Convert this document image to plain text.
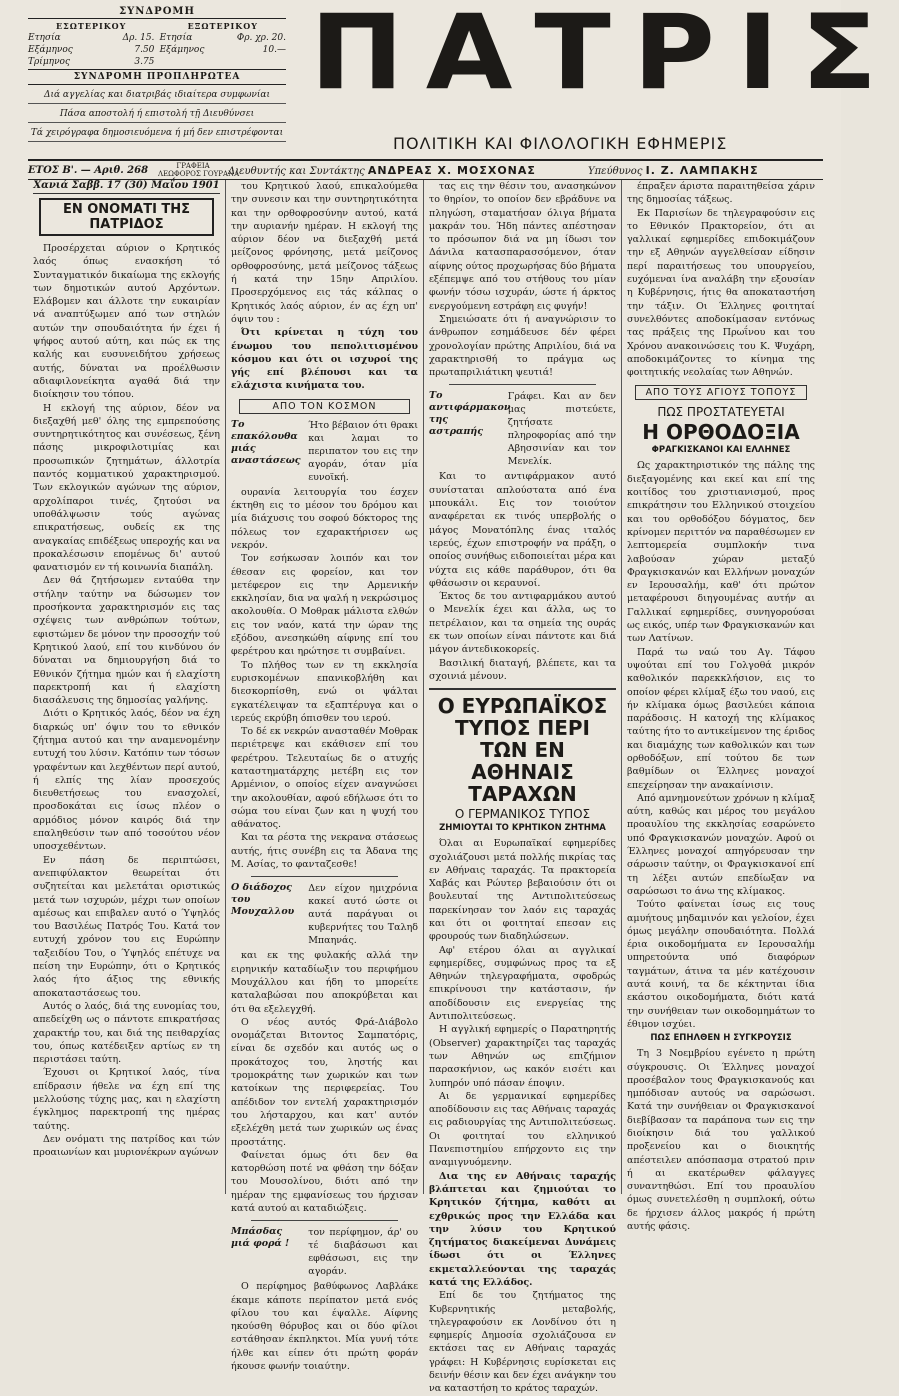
ΣΥΝΔΡΟΜΗ
ΕΣΩΤΕΡΙΚΟΥ
Ετησία	Δρ. 15.
Εξάμηνος	7.50
Τρίμηνος	3.75
ΕΞΩΤΕΡΙΚΟΥ
Ετησία	Φρ. χρ. 20.
Εξάμηνος	10.—
ΣΥΝΔΡΟΜΗ ΠΡΟΠΛΗΡΩΤΕΑ
Διά αγγελίας και διατριβάς ιδιαίτερα συμφωνίαι
Πάσα αποστολή ή επιστολή τῇ Διευθύνσει
Τά χειρόγραφα δημοσιευόμενα ή μή δεν επιστρέφονται
ΠΑΤΡΙΣ
ΠΟΛΙΤΙΚΗ ΚΑΙ ΦΙΛΟΛΟΓΙΚΗ ΕΦΗΜΕΡΙΣ
ΕΤΟΣ Β'. — Αριθ. 268	ΓΡΑΦΕΙΑ
ΛΕΩΦΟΡΟΣ ΓΟΥΡΑΝΑ
Διευθυντής και Συντάκτης ΑΝΔΡΕΑΣ Χ. ΜΟΣΧΟΝΑΣ	Υπεύθυνος Ι. Ζ. ΛΑΜΠΑΚΗΣ
Χανιά Σαββ. 17 (30) Μαΐου 1901
ΕΝ ΟΝΟΜΑΤΙ ΤΗΣ ΠΑΤΡΙΔΟΣ

Προσέρχεται αύριον ο Κρητικός λαός όπως ενασκήση τό Συνταγματικόν δικαίωμα της εκλογής των δημοτικών αυτού Αρχόντων. Ελάβομεν και άλλοτε την ευκαιρίαν νά αναπτύξωμεν από των στηλών αυτών την σπουδαιότητα ήν έχει ή ψήφος αυτού αύτη, και πώς εκ της καλής και ευσυνειδήτου χρήσεως αυτής, δύναται να προέλθωσιν αδιαφιλονείκητα αγαθά διά την διοίκησιν του τόπου.

Η εκλογή της αύριον, δέον να διεξαχθή μεθ' όλης της εμπρεπούσης συντηρητικότητος και συνέσεως, ξένη πάσης μικροφιλοτιμίας και προσωπικών ζητημάτων, άλλοτρία παντός κομματικού χαρακτηρισμού. Των εκλογικών αγώνων της αύριον, αρχολίπαροι τινές, ζητούσι να υποθάλψωσιν τούς αγώνας επικρατήσεως, ουδείς εκ της αναγκαίας επιδέξεως υπεροχής και να προκαλέσωσιν επομένως δι' αυτού φανατισμόν εν τή κοινωνία διαπάλη.

Δεν θά ζητήσωμεν ενταύθα την στήλην ταύτην να δώσωμεν τον προσήκοντα χαρακτηρισμόν εις τας σχέψεις των ανθρώπων τούτων, εφιστώμεν δε μόνον την προσοχήν τού Κρητικού λαού, επί του κινδύνου όν δύναται να δημιουργήση διά το Εθνικόν ζήτημα ημών και ή ελαχίστη παρεκτροπή και ή ελαχίστη διασάλευσις της δημοσίας γαλήνης.

Διότι ο Κρητικός λαός, δέον να έχη διαρκώς υπ' όψιν του το εθνικόν ζήτημα αυτού και την αναμενομένην ευτυχή του λύσιν. Κατόπιν των τόσων γραφέντων και λεχθέντων περί αυτού, ή ελπίς της λίαν προσεχούς διευθετήσεως του ενασχολεί, προσδοκάται εις ίσως πλέον ο αρμόδιος μόνον καιρός διά την επαληθεύσιν των από τοσούτου νέον υποσχεθέντων.

Εν πάση δε περιπτώσει, ανεπιφύλακτον θεωρείται ότι συζητείται και μελετάται οριστικώς μετά των ισχυρών, μέχρι των οποίων αμέσως και επιβαλεν αυτό ο Ύψηλός του Βασιλέως Πατρός Του. Κατά τον ευτυχή χρόνον του εις Ευρώπην ταξειδίου Του, ο Ύψηλός επέτυχε να πείση την Ευρώπην, ότι ο Κρητικός λαός ήτο άξιος της εθνικής αποκαταστάσεως του.

Αυτός ο λαός, διά της ευνομίας του, απεδείχθη ως ο πάντοτε επικρατήσας χαρακτήρ του, και διά της πειθαρχίας του, όπως κατέδειξεν αρτίως εν τη περιστάσει ταύτη.

Έχουσι οι Κρητικοί λαός, τίνα επίδρασιν ήθελε να έχη επί της μελλούσης τύχης μας, και η ελαχίστη έγκλημος παρεκτροπή της ημέρας ταύτης.

Δεν ονόματι της πατρίδος και τών προαιωνίων και μυριονέκρων αγώνων

του Κρητικού λαού, επικαλούμεθα την συνεσιν και την συντηρητικότητα και την ορθοφροσύνην αυτού, κατά την αυριανήν ημέραν. Η εκλογή της αύριον δέον να διεξαχθή μετά μείζονος φρόνησης, μετά μείζονος ορθοφροσύνης, μετά μείζονος τάξεως ή κατά την 15ην Απριλίου. Προσερχόμενος εις τάς κάλπας ο Κρητικός λαός αύριον, έν ας έχη υπ' όψιν του :

Ότι κρίνεται η τύχη του ένωμου του πεπολιτισμένου κόσμου και ότι οι ισχυροί της γής επί βλέπουσι και τα ελάχιστα κινήματα του.

ΑΠΟ ΤΟΝ ΚΟΣΜΟΝ
Το επακόλουθα μιάς αναστάσεως
Ήτο βέβαιον ότι θρακι και λαμαι το περιπατον του εις την αγοράν, όταν μία ευνοϊκή.

ουρανία λειτουργία του έσχεν έκτηθη εις το μέσον του δρόμου και μία διάχυσις του σοφού δόκτορος της πόλεως τον εχαρακτήρισεν ως νεκρόν.

Τον εσήκωσαν λοιπόν και τον έθεσαν εις φορείον, και τον μετέφερον εις την Αρμενικήν εκκλησίαν, δια να ψαλή η νεκρώσιμος ακολουθία. Ο Μοθρακ μάλιστα ελθών εις τον ναόν, κατά την ώραν της εξόδου, ανεσηκώθη αίφνης επί του φερέτρου και ηρώτησε τι συμβαίνει.

Το πλήθος των εν τη εκκλησία ευρισκομένων επανικοβλήθη και διεσκορπίσθη, ενώ οι ψάλται εγκατέλειψαν τα εξαπτέρυγα και ο ιερεύς εκρύβη όπισθεν του ιερού.

Το δέ εκ νεκρών ανασταθέν Μοθρακ περιέτρεψε και εκάθισεν επί του φερέτρου. Τελευταίως δε ο ατυχής καταστηματάρχης μετέβη εις τον Αρμένιον, ο οποίος είχεν αναγνώσει την ακολουθίαν, αφού εδήλωσε ότι το σώμα του είναι ζων και η ψυχή του αθάνατος.

Και τα ρέστα της νεκρανα στάσεως αυτής, ήτις συνέβη εις τα Άδανα της Μ. Ασίας, το φανταζεσθε!

Ο διάδοχος του Μουχαλλου
Δεν είχον ημιχρόνια κακεί αυτό ώστε οι αυτά παράγυαι οι κυβερνήτες του Ταληδ Μπαηνάς.

και εκ της φυλακής αλλά την ειρηνικήν καταδίωξιν του περιφήμου Μουχάλλου και ήδη το μπορείτε καταλαβώσαι που αποκρύβεται και ότι θα εξελεγχθή.

Ο νέος αυτός Φρά-Διάβολο ονομάζεται Βιτοντος Σαμπατόρις, είναι δε σχεδόν και αυτός ως ο προκάτοχος του, ληστής και τρομοκράτης των χωρικών και των κατοίκων της περιφερείας. Του απέδιδον τον εντελή χαρακτηρισμόν του λήσταρχου, και κατ' αυτόν εξελέχθη μετά των χωρικών ως ένας προστάτης.

Φαίνεται όμως ότι δεν θα κατορθώση ποτέ να φθάση την δόξαν του Μουσολίνου, διότι από την ημέραν της εμφανίσεως του ήρχισαν κατά αυτού αι καταδιώξεις.

Μπάσδας μιά φορά !
τον περίφημον, άρ' ου τέ διαβάσωσι και εφθάσωσι, εις την αγοράν.

Ο περίφημος βαθύφωνος Λαβλάκε έκαμε κάποτε περίπατον μετά ενός φίλου του και έψαλλε. Αίφνης ηκούσθη θόρυβος και οι δύο φίλοι εστάθησαν έκπληκτοι. Μία γυνή τότε ήλθε και είπεν ότι πρώτη φοράν ήκουσε φωνήν τοιαύτην.

τας εις την θέσιν του, ανασηκώνον το θηρίον, το οποίον δεν εβράδυνε να πληγώση, σταματήσαν όλιγα βήματα μακράν του. Ήδη πάντες απέστησαν το πρόσωπον διά να μη ίδωσι τον Δάνιλα κατασπαρασσόμενον, όταν αίφνης ούτος προχωρήσας δύο βήματα εξέπεμψε από του στήθους του μίαν φωνήν τόσω ισχυράν, ώστε ή άρκτος ενεργούμενη εστράφη εις φυγήν!

Σημειώσατε ότι ή αναγνώρισιν το άνθρωπον εσημάδευσε δέν φέρει χρονολογίαν πρώτης Απριλίου, διά να χαρακτηρισθή το πράγμα ως πρωταπριλιάτικη ψευτιά!

Το αντιφάρμακον της αστραπής
Γράφει. Και αν δεν μας πιστεύετε, ζητήσατε πληροφορίας από την Αβησσινίαν και τον Μενελίκ.

Και το αντιφάρμακον αυτό συνίσταται απλούστατα από ένα μπουκάλι. Εις τον τοιούτον αναφέρεται εκ τινός υπερβολής ο μάγος Μονατόπλης ένας ιταλός ιερεύς, έχων επιστροφήν να πράξη, ο οποίος συνήθως ειδοποιείται μέρα και νύχτα εις κάθε παράθυρον, ότι θα φθάσωσιν οι κεραυνοί.

Έκτος δε του αντιφαρμάκου αυτού ο Μενελίκ έχει και άλλα, ως το πετρέλαιον, και τα σημεία της ουράς εκ των οποίων είναι πάντοτε και διά μάγον άντεδικοκορείς.

Βασιλική διαταγή, βλέπετε, και τα σχοινιά μένουν.

Ο ΕΥΡΩΠΑΪΚΟΣ ΤΥΠΟΣ ΠΕΡΙ ΤΩΝ ΕΝ ΑΘΗΝΑΙΣ ΤΑΡΑΧΩΝ
Ο ΓΕΡΜΑΝΙΚΟΣ ΤΥΠΟΣ
ΖΗΜΙΟΥΤΑΙ ΤΟ ΚΡΗΤΙΚΟΝ ΖΗΤΗΜΑ

Όλαι αι Ευρωπαϊκαί εφημερίδες σχολιάζουσι μετά πολλής πικρίας τας εν Αθήναις ταραχάς. Τα πρακτορεία Χαβάς και Ρώυτερ βεβαιούσιν ότι οι βουλευταί της Αντιπολιτεύσεως παρεκίνησαν τον λαόν εις ταραχάς και ότι οι φοιτηταί επεσαν εις φρουρούς των διαδηλώσεων.

Αφ' ετέρου όλαι αι αγγλικαί εφημερίδες, συμφώνως προς τα εξ Αθηνών τηλεγραφήματα, σφοδρώς επικρίνουσι την κατάστασιν, ήν αποδίδουσιν εις ενεργείας της Αντιπολιτεύσεως.

Η αγγλική εφημερίς ο Παρατηρητής (Observer) χαρακτηρίζει τας ταραχάς των Αθηνών ως επιζήμιον παρασκήνιον, ως κακόν εισέτι και λυπηρόν υπό πάσαν έποψιν.

Αι δε γερμανικαί εφημερίδες αποδίδουσιν εις τας Αθήναις ταραχάς εις ραδιουργίας της Αντιπολιτεύσεως. Οι φοιτηταί του ελληνικού Πανεπιστημίου επήρχοντο εις την αναμιγνυόμενην.

Δια της εν Αθήναις ταραχής βλάπτεται και ζημιούται το Κρητικόν ζήτημα, καθότι αι εχθρικώς προς την Ελλάδα και την λύσιν του Κρητικού ζητήματος διακείμεναι Δυνάμεις ίδωσι ότι οι Έλληνες εκμεταλλεύονται της ταραχάς κατά της Ελλάδος.

Επί δε του ζητήματος της Κυβερνητικής μεταβολής, τηλεγραφούσιν εκ Λονδίνου ότι η εφημερίς Δημοσία σχολιάζουσα εν εκτάσει τας εν Αθήναις ταραχάς γράφει: Η Κυβέρνησις ευρίσκεται εις δεινήν θέσιν και δεν έχει ανάγκην του να καταστήση το κράτος ταραχών.

έπραξεν άριστα παραιτηθείσα χάριν της δημοσίας τάξεως.

Εκ Παρισίων δε τηλεγραφούσιν εις το Εθνικόν Πρακτορείον, ότι αι γαλλικαί εφημερίδες επιδοκιμάζουν την εξ Αθηνών αγγελθείσαν είδησιν περί παραιτήσεως του υπουργείου, ευχόμεναι ίνα αναλάβη την εξουσίαν η Κυβέρνησις, ήτις θα αποκαταστήση την τάξιν. Οι Έλληνες φοιτηταί συνελθόντες αποδοκίμασαν εντόνως τας πράξεις της Πρωΐνου και του Χρόνου ανακοινώσεις του Κ. Ψυχάρη, αποδοκιμάζοντες το κίνημα της φοιτητικής νεολαίας των Αθηνών.

ΑΠΟ ΤΟΥΣ ΑΓΙΟΥΣ ΤΟΠΟΥΣ
ΠΩΣ ΠΡΟΣΤΑΤΕΥΕΤΑΙ
Η ΟΡΘΟΔΟΞΙΑ
ΦΡΑΓΚΙΣΚΑΝΟΙ ΚΑΙ ΕΛΛΗΝΕΣ

Ως χαρακτηριστικόν της πάλης της διεξαγομένης και εκεί και επί της κοιτίδος του χριστιανισμού, προς επικράτησιν του Ελληνικού στοιχείου και του ορθοδόξου δόγματος, δεν κρίνομεν περιττόν να παραθέσωμεν εν λεπτομερεία συμπλοκήν τινα λαβούσαν χώραν μεταξύ Φραγκισκανών και Ελλήνων μοναχών εν Ιερουσαλήμ, καθ' ότι πρώτον μεταφέρουσι διηγουμένας αυτήν αι Γαλλικαί εφημερίδες, συνηγορούσαι ως εικός, υπέρ των Φραγκισκανών και των Λατίνων.

Παρά τω ναώ του Αγ. Τάφου υψούται επί του Γολγοθά μικρόν καθολικόν παρεκκλήσιον, εις το οποίον φέρει κλίμαξ έξω του ναού, εις ήν κλίμακα όμως βασιλεύει κάποια παράδοσις. Η κατοχή της κλίμακος ταύτης ήτο το αντικείμενον της έριδος και διαμάχης των καθολικών και των ορθοδόξων, επί τούτου δε των βαθμίδων οι Έλληνες μοναχοί επεχείρησαν την ανακαίνισιν.

Από αμνημονεύτων χρόνων η κλίμαξ αύτη, καθώς και μέρος του μεγάλου προαυλίου της εκκλησίας εσαρώνετο υπό Φραγκισκανών μοναχών. Αφού οι Έλληνες μοναχοί απηγόρευσαν την σάρωσιν ταύτην, οι Φραγκισκανοί επί τη λέξει αυτών επεδίωξαν να σαρώσωσι το άνω της κλίμακος.

Τούτο φαίνεται ίσως εις τους αμυήτους μηδαμινόν και γελοίον, έχει όμως μεγάλην σπουδαιότητα. Πολλά έρια οικοδομήματα εν Ιερουσαλήμ υπηρετούντα υπό διαφόρων ταγμάτων, άτινα τα μέν κατέχουσιν αυτά κοινή, τα δε κέκτηνται ίδια εκάστου οικοδομήματα, διότι κατά την συνήθειαν των οικοδομημάτων το έθιμον ισχύει.

ΠΩΣ ΕΠΗΛΘΕΝ Η ΣΥΓΚΡΟΥΣΙΣ

Τη 3 Νοεμβρίου εγένετο η πρώτη σύγκρουσις. Οι Έλληνες μοναχοί προσέβαλον τους Φραγκισκανούς και ημπόδισαν αυτούς να σαρώσωσι. Κατά την συνήθειαν οι Φραγκισκανοί διεβίβασαν τα παράπονα των εις την διοίκησιν διά του γαλλικού προξενείου και ο διοικητής απέστειλεν απόσπασμα στρατού πριν ή αι εκατέρωθεν φάλαγγες συναντηθώσι. Επί του προαυλίου όμως συνετελέσθη η συμπλοκή, ούτω δε ήρχισεν άλλος μακρός ή πρώτη αυτής φάσις.
